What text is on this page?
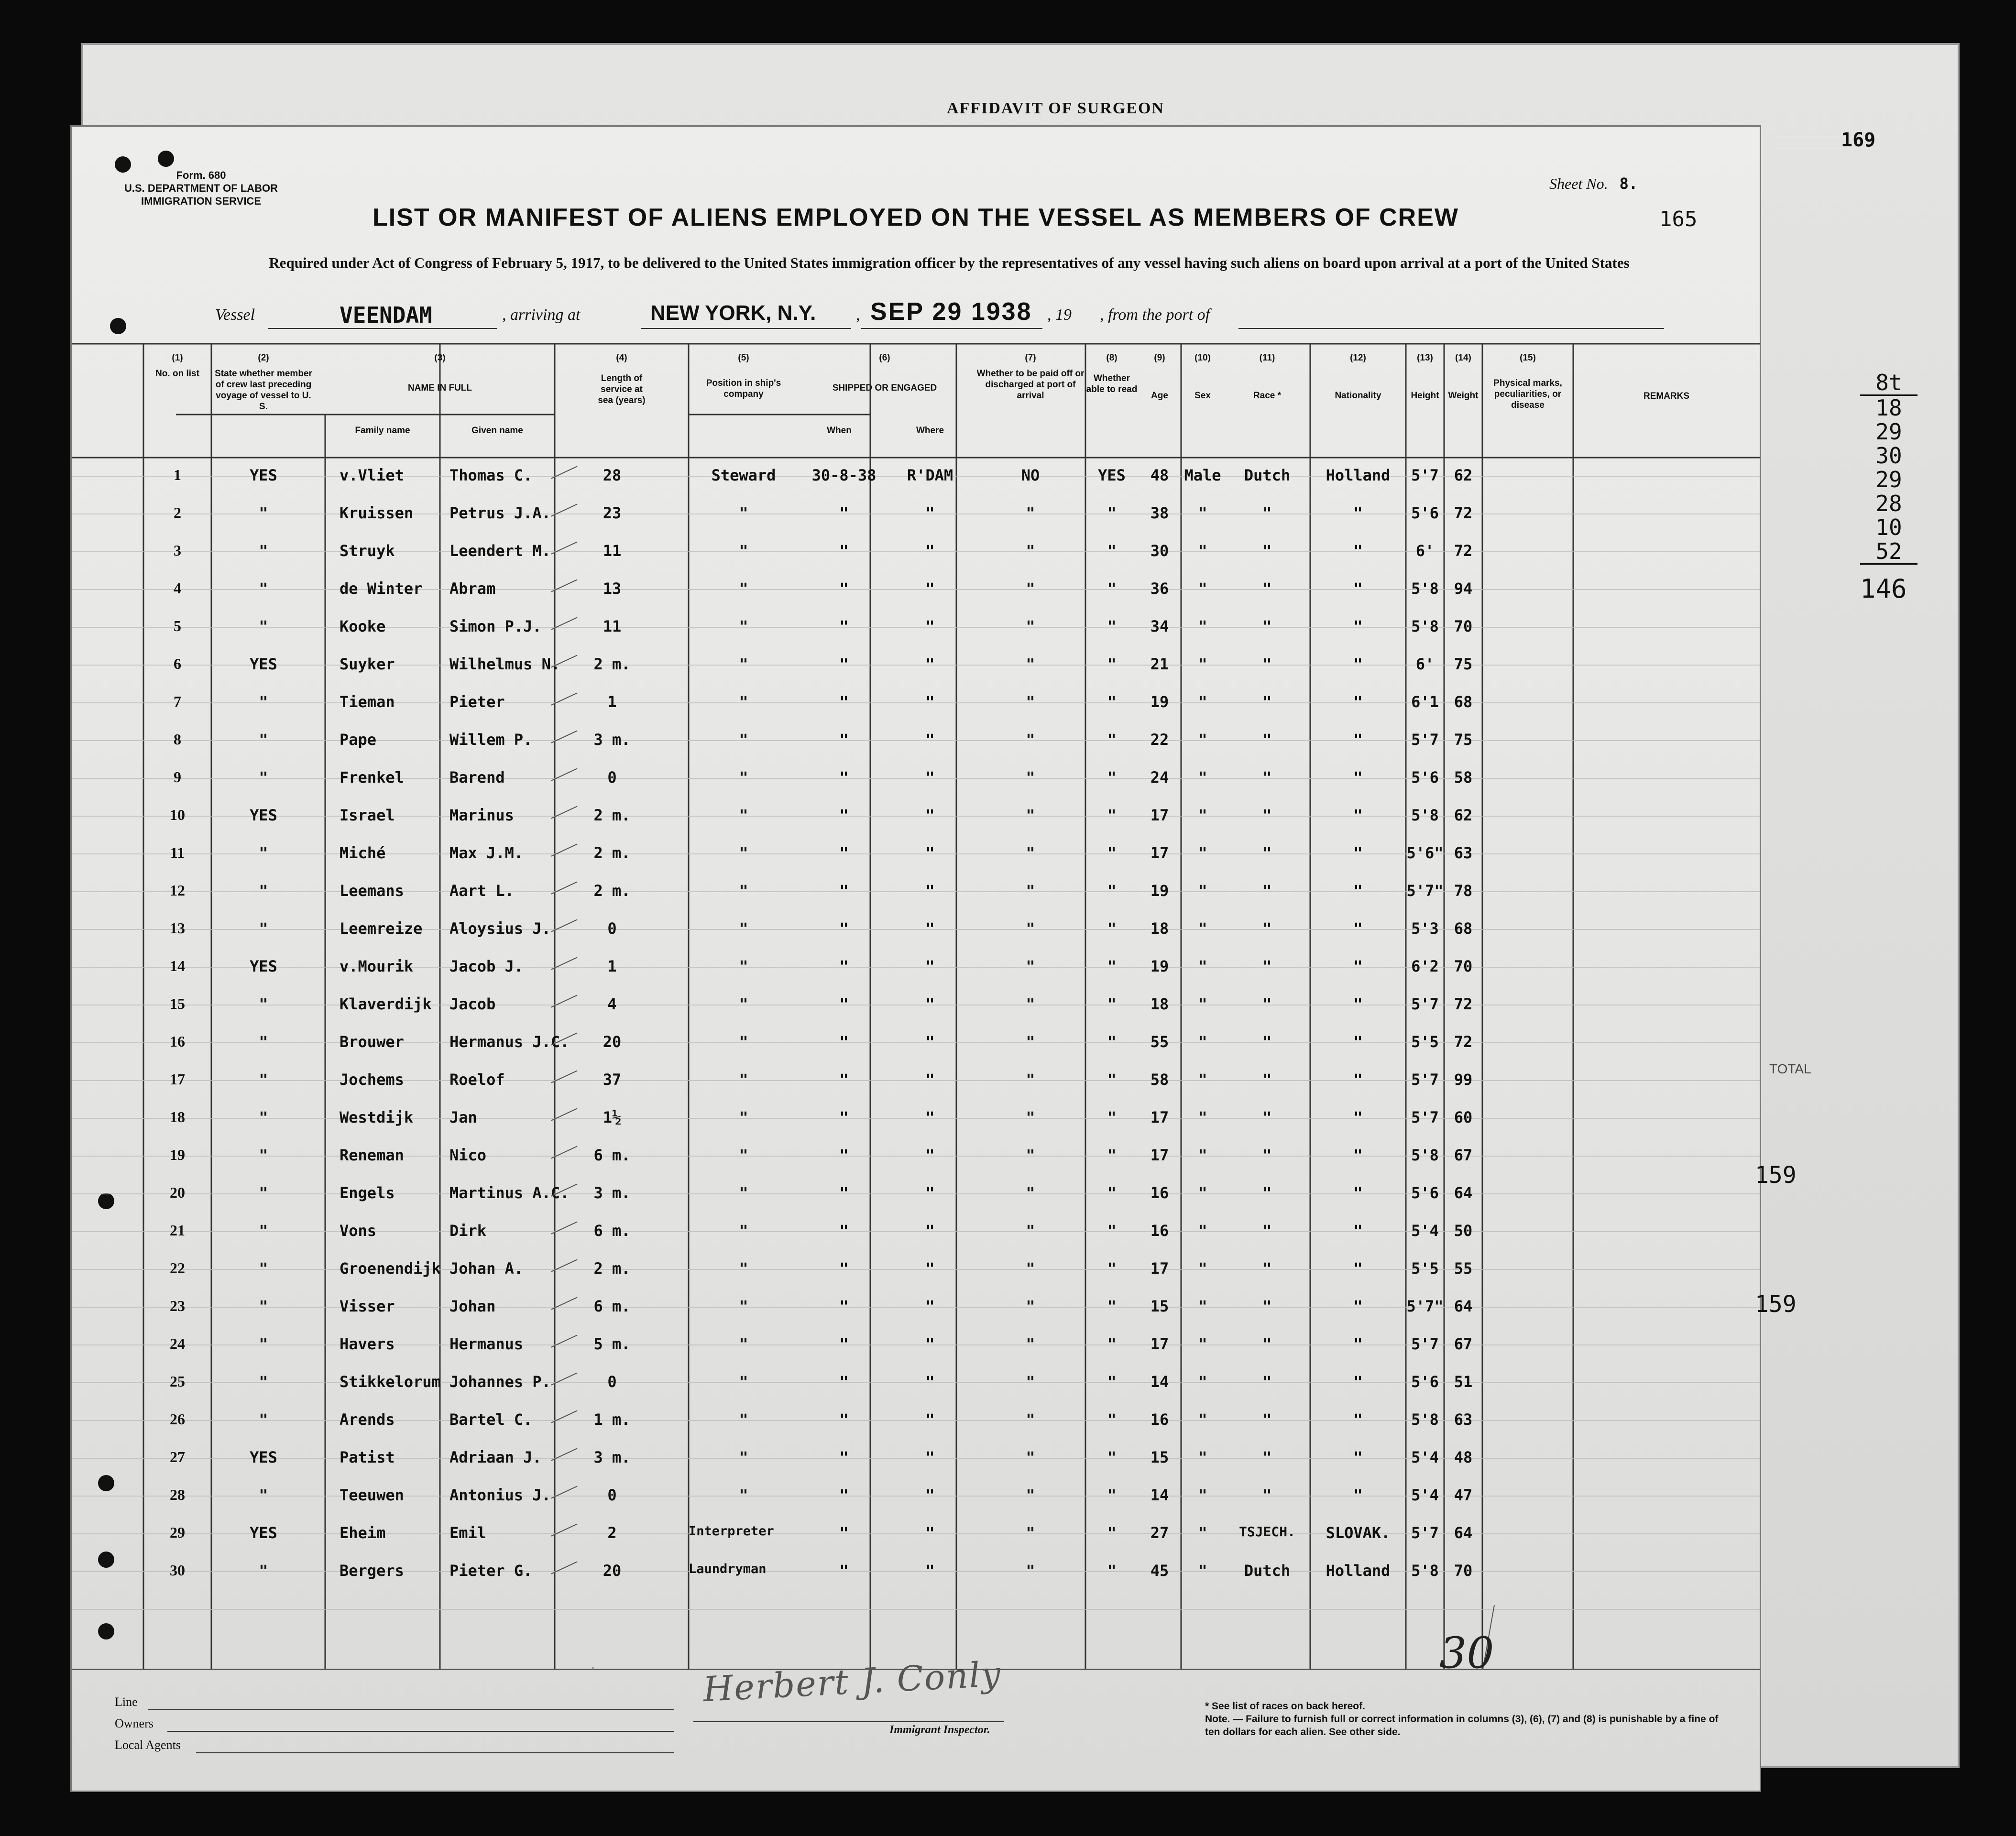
AFFIDAVIT OF SURGEON
169
TOTAL
Form. 680
U.S. DEPARTMENT OF LABOR
IMMIGRATION SERVICE
Sheet No. 8.
LIST OR MANIFEST OF ALIENS EMPLOYED ON THE VESSEL AS MEMBERS OF CREW	165
Required under Act of Congress of February 5, 1917, to be delivered to the United States immigration officer by the representatives of any vessel having such aliens on board upon arrival at a port of the United States
Vessel	VEENDAM	, arriving at	NEW YORK, N.Y. , SEP 29 1938 , 19 , from the port of
(1)
No. on list
(2)
State whether member of crew last preceding voyage of vessel to U. S.
(3)
NAME IN FULL
Family name	Given name
(4)
Length of service at sea (years)
(5)
Position in ship's company
(6)
SHIPPED OR ENGAGED
When	Where
(7)
Whether to be paid off or discharged at port of arrival
(8)
Whether able to read
(9)
Age
(10)
Sex
(11)
Race *
(12)
Nationality
(13)
Height
(14)
Weight
(15)
Physical marks, peculiarities, or disease
REMARKS
1	YES	v.Vliet	Thomas C.	28	Steward	30-8-38	R'DAM	NO	YES	48	Male	Dutch	Holland	5'7 62
2	"	Kruissen	Petrus J.A.	23	"	"	"	"	"	38	"	"	"	5'6 72
3	"	Struyk	Leendert M.	11	"	"	"	"	"	30	"	"	"	6'	72
4	"	de Winter	Abram	13	"	"	"	"	"	36	"	"	"	5'8 94
5	"	Kooke	Simon P.J.	11	"	"	"	"	"	34	"	"	"	5'8 70
6	YES	Suyker	Wilhelmus N.	2 m.	"	"	"	"	"	21	"	"	"	6'	75
7	"	Tieman	Pieter	1	"	"	"	"	"	19	"	"	"	6'1 68
8	"	Pape	Willem P.	3 m.	"	"	"	"	"	22	"	"	"	5'7 75
9	"	Frenkel	Barend	0	"	"	"	"	"	24	"	"	"	5'6 58
10	YES	Israel	Marinus	2 m.	"	"	"	"	"	17	"	"	"	5'8 62
11	"	Miché	Max J.M.	2 m.	"	"	"	"	"	17	"	"	"	5'6" 63
12	"	Leemans	Aart L.	2 m.	"	"	"	"	"	19	"	"	"	5'7" 78
13	"	Leemreize	Aloysius J.	0	"	"	"	"	"	18	"	"	"	5'3 68
14	YES	v.Mourik	Jacob J.	1	"	"	"	"	"	19	"	"	"	6'2 70
15	"	Klaverdijk	Jacob	4	"	"	"	"	"	18	"	"	"	5'7 72
16	"	Brouwer	Hermanus J.C.	20	"	"	"	"	"	55	"	"	"	5'5 72
17	"	Jochems	Roelof	37	"	"	"	"	"	58	"	"	"	5'7 99
18	"	Westdijk	Jan	1½	"	"	"	"	"	17	"	"	"	5'7 60
19	"	Reneman	Nico	6 m.	"	"	"	"	"	17	"	"	"	5'8 67
20	"	Engels	Martinus A.C.	3 m.	"	"	"	"	"	16	"	"	"	5'6 64
21	"	Vons	Dirk	6 m.	"	"	"	"	"	16	"	"	"	5'4 50
22	"	Groenendijk Johan A.	2 m.	"	"	"	"	"	17	"	"	"	5'5 55
23	"	Visser	Johan	6 m.	"	"	"	"	"	15	"	"	"	5'7" 64
24	"	Havers	Hermanus	5 m.	"	"	"	"	"	17	"	"	"	5'7 67
25	"	Stikkelorum Johannes P.	0	"	"	"	"	"	14	"	"	"	5'6 51
26	"	Arends	Bartel C.	1 m.	"	"	"	"	"	16	"	"	"	5'8 63
27	YES	Patist	Adriaan J.	3 m.	"	"	"	"	"	15	"	"	"	5'4 48
28	"	Teeuwen	Antonius J.	0	"	"	"	"	"	14	"	"	"	5'4 47
29	YES	Eheim	Emil	2	Interpreter	"	"	"	"	27	"	TSJECH.	SLOVAK.	5'7 64
30	"	Bergers	Pieter G.	20	Laundryman	"	"	"	"	45	"	Dutch	Holland	5'8 70
Line
Owners
Local Agents
Herbert J. Conly
Immigrant Inspector.
* See list of races on back hereof.
Note. — Failure to furnish full or correct information in columns (3), (6), (7) and (8) is punishable by a fine of ten dollars for each alien. See other side.
30
8t
18
29
30
29
28
10
52
146
159
159
